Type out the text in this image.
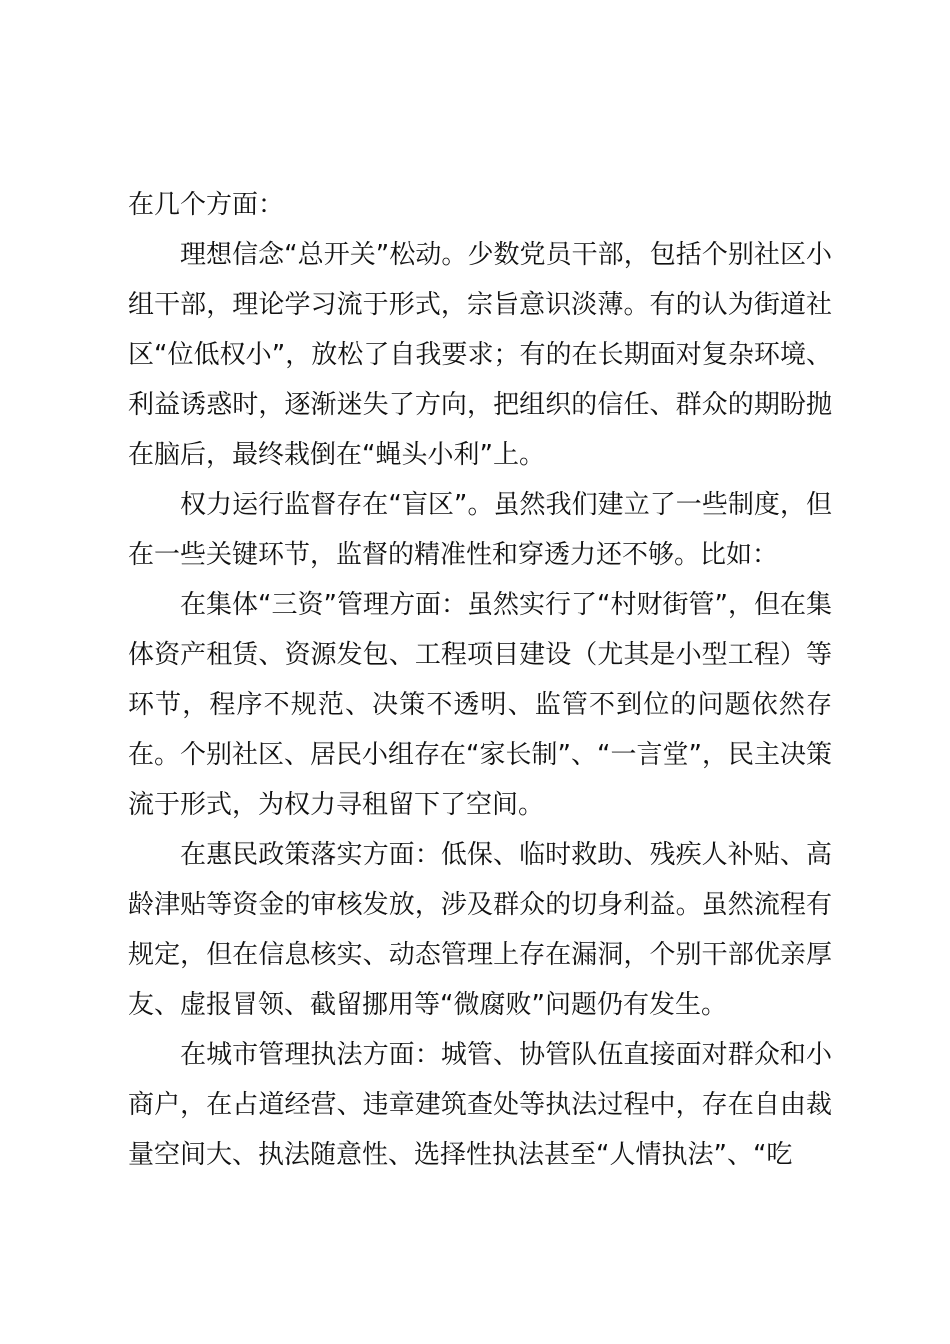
在几个方面：

理想信念“总开关”松动。少数党员干部，包括个别社区小组干部，理论学习流于形式，宗旨意识淡薄。有的认为街道社区“位低权小”，放松了自我要求；有的在长期面对复杂环境、利益诱惑时，逐渐迷失了方向，把组织的信任、群众的期盼抛在脑后，最终栽倒在“蝇头小利”上。

权力运行监督存在“盲区”。虽然我们建立了一些制度，但在一些关键环节，监督的精准性和穿透力还不够。比如：

在集体“三资”管理方面：虽然实行了“村财街管”，但在集体资产租赁、资源发包、工程项目建设（尤其是小型工程）等环节，程序不规范、决策不透明、监管不到位的问题依然存在。个别社区、居民小组存在“家长制”、“一言堂”，民主决策流于形式，为权力寻租留下了空间。

在惠民政策落实方面：低保、临时救助、残疾人补贴、高龄津贴等资金的审核发放，涉及群众的切身利益。虽然流程有规定，但在信息核实、动态管理上存在漏洞，个别干部优亲厚友、虚报冒领、截留挪用等“微腐败”问题仍有发生。

在城市管理执法方面：城管、协管队伍直接面对群众和小商户，在占道经营、违章建筑查处等执法过程中，存在自由裁量空间大、执法随意性、选择性执法甚至“人情执法”、“吃
